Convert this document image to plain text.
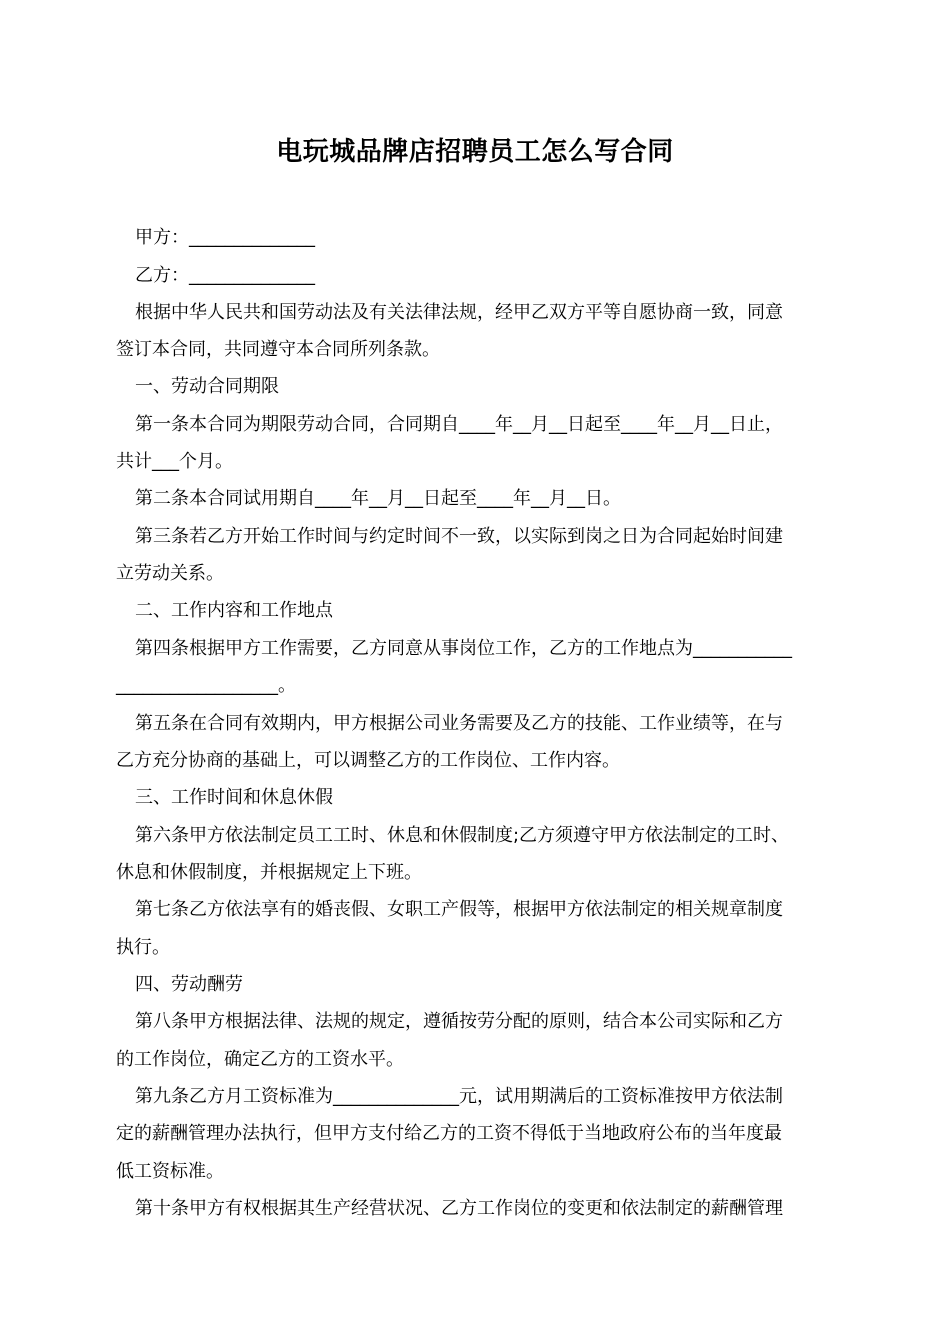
电玩城品牌店招聘员工怎么写合同
甲方：______________
乙方：______________
根据中华人民共和国劳动法及有关法律法规，经甲乙双方平等自愿协商一致，同意
签订本合同，共同遵守本合同所列条款。
一、劳动合同期限
第一条本合同为期限劳动合同，合同期自____年__月__日起至____年__月__日止，
共计___个月。
第二条本合同试用期自____年__月__日起至____年__月__日。
第三条若乙方开始工作时间与约定时间不一致，以实际到岗之日为合同起始时间建
立劳动关系。
二、工作内容和工作地点
第四条根据甲方工作需要，乙方同意从事岗位工作，乙方的工作地点为___________
__________________。
第五条在合同有效期内，甲方根据公司业务需要及乙方的技能、工作业绩等，在与
乙方充分协商的基础上，可以调整乙方的工作岗位、工作内容。
三、工作时间和休息休假
第六条甲方依法制定员工工时、休息和休假制度;乙方须遵守甲方依法制定的工时、
休息和休假制度，并根据规定上下班。
第七条乙方依法享有的婚丧假、女职工产假等，根据甲方依法制定的相关规章制度
执行。
四、劳动酬劳
第八条甲方根据法律、法规的规定，遵循按劳分配的原则，结合本公司实际和乙方
的工作岗位，确定乙方的工资水平。
第九条乙方月工资标准为______________元，试用期满后的工资标准按甲方依法制
定的薪酬管理办法执行，但甲方支付给乙方的工资不得低于当地政府公布的当年度最
低工资标准。
第十条甲方有权根据其生产经营状况、乙方工作岗位的变更和依法制定的薪酬管理
